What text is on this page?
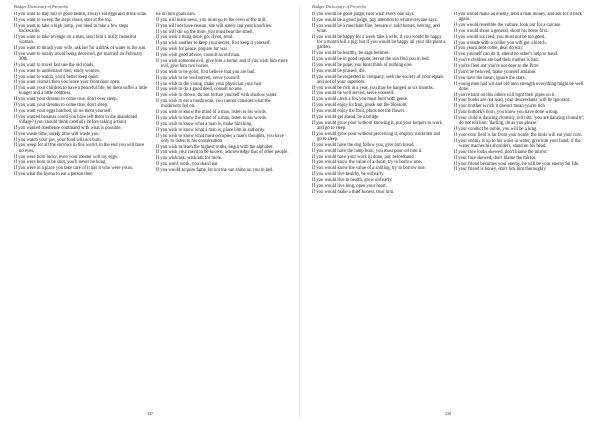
Budget Dictionary of Proverbs
If you want to stay full of good health, always eat eggs and drink wine.
If you want to sweep the steps clean, start at the top.
If you want to take a high jump, you need to take a few steps backwards.
If you want to take revenge on a man, send him a really beautiful woman.
If you want to thrash your wife, ask her for a drink of water in the sun.
If you want to totally avoid being deceived, get married on February 30th.
If you want to travel fast use the old roads.
If you want to understand men, study women.
If you want to watch, you'd better keep quiet.
If you want visitors then you leave your front door open.
If you want your children to have a peaceful life, let them suffer a little hunger and a little coldness.
If you want your dreams to come true, don't over sleep.
If you want your dreams to come true, don't sleep.
If you want your eggs hatched, sit on them yourself.
If you wanted bananas could you have left them in the abandoned village? (you should think carefully before taking action)
If you wanted obedience command with what is possible.
If you waste time, surely time will waste you.
If you watch your pot, your food will not burn.
If you weep for all the sorrows in this world, in the end you will have no eyes.
If you were born lucky, even your rooster will lay eggs.
If you were born to be shot, you'll never be hung.
If you were in a place you take care of it has it who were yours.
If you what the hyena to eat a person then
tie on him goats ears.
If you will learn news, you must go to the oven or the mill.
If you will not have reason, she will surely rap your knuckles.
If you will stir up the mire, you must bear the smell.
If you wish a thing done, go; if not, send.
If you wish another to keep your secret, first keep it yourself.
If you wish for peace, prepare for war.
If you wish good advice, consult an old man.
If you wish someone evil, give him a home, and if you wish him more evil, give him two horses.
If you wish to be good, first believe that you are bad.
If you wish to be well served, serve yourself.
If you wish to die young, make your physician your heir.
If you wish to do a good deed, consult no one.
If you wish to drown, do not torture yourself with shallow water.
If you wish to eat a mushroom, you cannot consider what the mushroom fed on.
If you wish to know the mind of a man, listen to his words.
If you wish to know the mind of a man, listen to his words.
If you wish to know what a man is, make him king.
If you wish to know what a man is, place him in authority.
If you wish to know what most occupies a man's thoughts, you have only to listen to his conversation.
If you wish to learn the highest truths, begin with the alphabet.
If you wish your merit to be known, acknowledge that of other people.
If you wish/ask, wish/ask for more.
If you won't work, you shan't eat.
If you would acquire fame, let not the sun shine on you in bed.
337
Budget Dictionary of Proverbs
If you would be good judge, hear what every one says.
If you would be a good judge, pay attention to what everyone says.
If you would be a merchant fine, beware o' auld horses, herring, and wine.
If you would be happy for a week take a wife; if you would be happy for a month kill a pig; but if you would be happy all your life plant a garden.
If you would be healthy, be sage betimes.
If you would be in good repute, let not the sun find you in bed.
If you would be pope, you must think of nothing else.
If you would be praised, die.
If you would be respected in company, seek the society of your equals and not of your superiors.
If you would be rich in a year, you may be hanged in six months.
If you would be well served, serve yourself.
If you would catch a fox you must hunt with geese.
If you would enjoy its fruit, pluck not the blossom.
If you would enjoy the fruit, pluck not the flower.
If you would get ahead, be a bridge.
If you would grow poor without knowing it, put your helpers to work and go to sleep.
If you would grow poor without perceiving it, employ workmen and go to sleep.
If you would have the dog follow you, give him bread.
If you would have the lamp burn, you must pour oil into it.
If you would have your work ill done, pay beforehand.
If you would know the value of a ducat, try to borrow one.
If you would know the value of a shilling, try to borrow one.
If you would live healthy, be old early.
If you would live in health, grow old early.
If you would live long, open your heart.
If you would make a thief honest, trust him.
If you would make an enemy, lend a man money, and ask for it back again.
If you would resemble the vulture, look out for a carcase.
If you would shoot a general, shoot his horse first.
If you would succeed, you must not be too good.
If you wrestle with a collier you will get a blotch.
If you yearn debt come, dear do way.
If you yourself can do it, attend no other's help or hand.
If you're children are bad their mother is bad.
If you're fleet ant 'you're not door to the Pitre.
If you'd be beloved, make yourself amiable.
If you have the mean, ignore the stars.
If young men had wit and old men strength everything might be well done.
If you're hard on this others will light their pipes on it.
If your books are not read, your descendants 'will be ignorant.
If your brother is rich it doesn't mean you're rich.
If your buttock's burn, you know you have done wrong.
If your child is dancing clumsily, tell him: 'you are dancing clumsily'; do not tell him: 'darling, do as you please.'
If your conduct be noble, you will be a king.
If your corn field is far from your home, the birds will eat your corn.
If your enemy is up to his waist in water, give him your hand; if the water reaches his shoulders, stand on his head.
If your face looks skewed, don't blame the mirror.
If your face skewed, don't blame the mirror.
If your friend becomes your enemy, he will be your enemy for life.
If your friend is honey, don't lick him thoroughly.
338
